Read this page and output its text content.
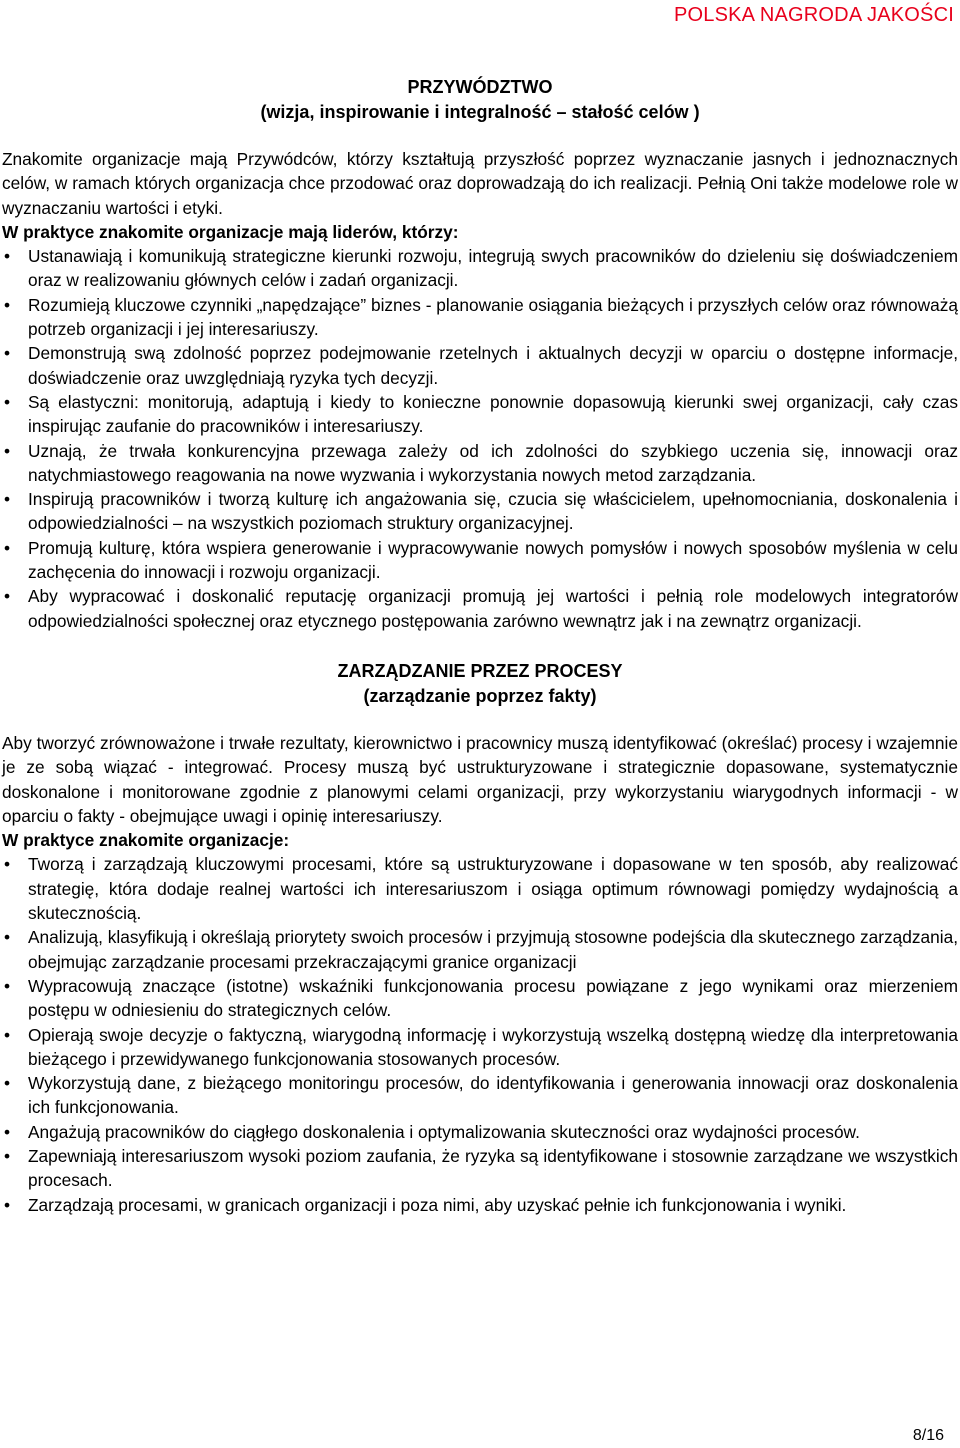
POLSKA NAGRODA JAKOŚCI
PRZYWÓDZTWO
(wizja, inspirowanie i integralność – stałość celów )
Znakomite organizacje mają Przywódców, którzy kształtują przyszłość poprzez wyznaczanie jasnych i jednoznacznych celów, w ramach których organizacja chce przodować oraz doprowadzają do ich realizacji. Pełnią Oni także modelowe role w wyznaczaniu wartości i etyki.
W praktyce znakomite organizacje mają liderów, którzy:
• Ustanawiają i komunikują strategiczne kierunki rozwoju, integrują swych pracowników do dzieleniu się doświadczeniem oraz w realizowaniu głównych celów i zadań organizacji.
• Rozumieją kluczowe czynniki „napędzające” biznes - planowanie osiągania bieżących i przyszłych celów oraz równoważą potrzeb organizacji i jej interesariuszy.
• Demonstrują swą zdolność poprzez podejmowanie rzetelnych i aktualnych decyzji w oparciu o dostępne informacje, doświadczenie oraz uwzględniają ryzyka tych decyzji.
• Są elastyczni: monitorują, adaptują i kiedy to konieczne ponownie dopasowują kierunki swej organizacji, cały czas inspirując zaufanie do pracowników i interesariuszy.
• Uznają, że trwała konkurencyjna przewaga zależy od ich zdolności do szybkiego uczenia się, innowacji oraz natychmiastowego reagowania na nowe wyzwania i wykorzystania nowych metod zarządzania.
• Inspirują pracowników i tworzą kulturę ich angażowania się, czucia się właścicielem, upełnomocniania, doskonalenia i odpowiedzialności – na wszystkich poziomach struktury organizacyjnej.
• Promują kulturę, która wspiera generowanie i wypracowywanie nowych pomysłów i nowych sposobów myślenia w celu zachęcenia do innowacji i rozwoju organizacji.
• Aby wypracować i doskonalić reputację organizacji promują jej wartości i pełnią role modelowych integratorów odpowiedzialności społecznej oraz etycznego postępowania zarówno wewnątrz jak i na zewnątrz organizacji.
ZARZĄDZANIE PRZEZ PROCESY
(zarządzanie poprzez fakty)
Aby tworzyć zrównoważone i trwałe rezultaty, kierownictwo i pracownicy muszą identyfikować (określać) procesy i wzajemnie je ze sobą wiązać - integrować. Procesy muszą być ustrukturyzowane i strategicznie dopasowane, systematycznie doskonalone i monitorowane zgodnie z planowymi celami organizacji, przy wykorzystaniu wiarygodnych informacji - w oparciu o fakty - obejmujące uwagi i opinię interesariuszy.
W praktyce znakomite organizacje:
• Tworzą i zarządzają kluczowymi procesami, które są ustrukturyzowane i dopasowane w ten sposób, aby realizować strategię, która dodaje realnej wartości ich interesariuszom i osiąga optimum równowagi pomiędzy wydajnością a skutecznością.
• Analizują, klasyfikują i określają priorytety swoich procesów i przyjmują stosowne podejścia dla skutecznego zarządzania, obejmując zarządzanie procesami przekraczającymi granice organizacji
• Wypracowują znaczące (istotne) wskaźniki funkcjonowania procesu powiązane z jego wynikami oraz mierzeniem postępu w odniesieniu do strategicznych celów.
• Opierają swoje decyzje o faktyczną, wiarygodną informację i wykorzystują wszelką dostępną wiedzę dla interpretowania bieżącego i przewidywanego funkcjonowania stosowanych procesów.
• Wykorzystują dane, z bieżącego monitoringu procesów, do identyfikowania i generowania innowacji oraz doskonalenia ich funkcjonowania.
• Angażują pracowników do ciągłego doskonalenia i optymalizowania skuteczności oraz wydajności procesów.
• Zapewniają interesariuszom wysoki poziom zaufania, że ryzyka są identyfikowane i stosownie zarządzane we wszystkich procesach.
• Zarządzają procesami, w granicach organizacji i poza nimi, aby uzyskać pełnie ich funkcjonowania i wyniki.
8/16
